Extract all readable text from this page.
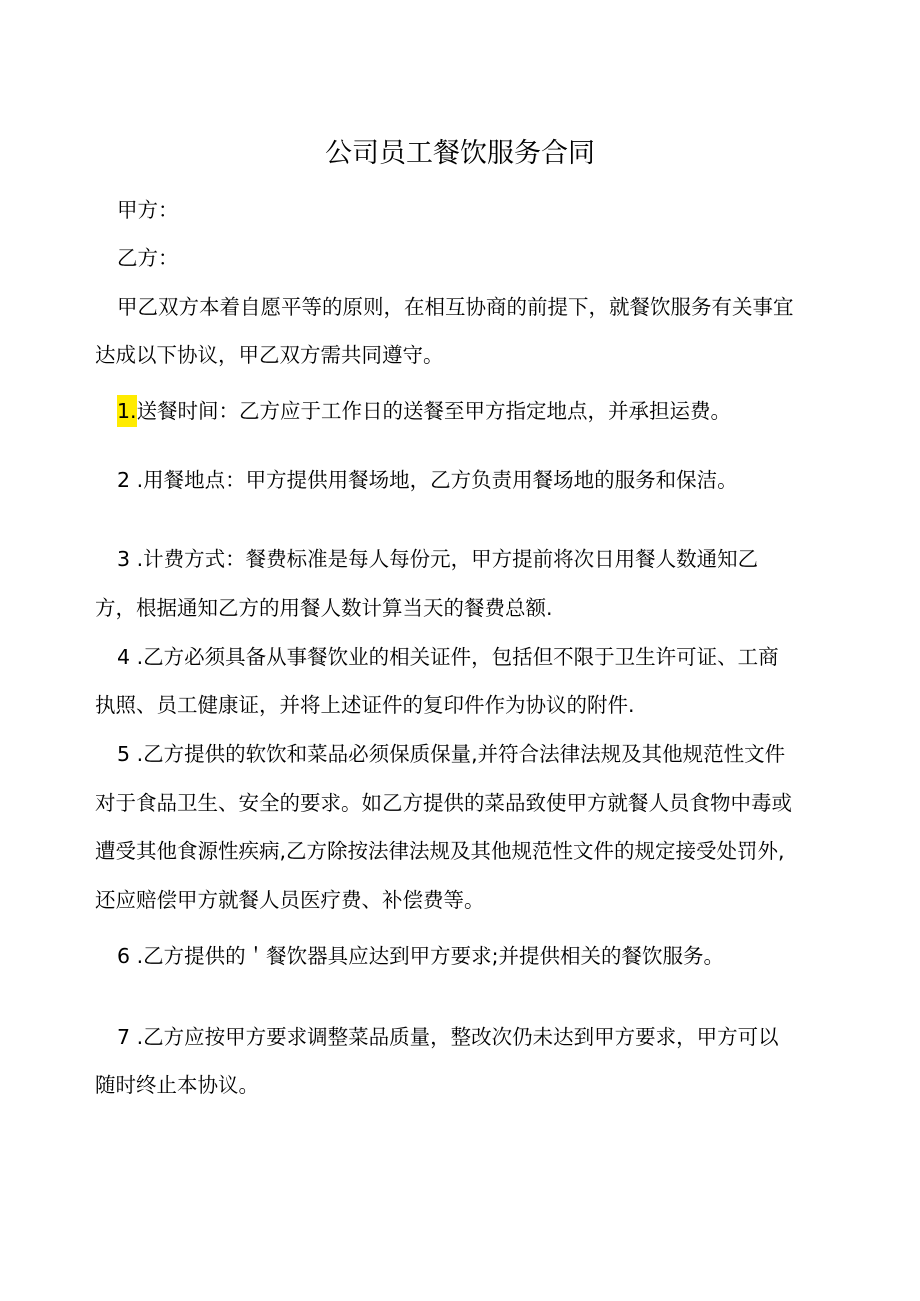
公司员工餐饮服务合同
甲方：
乙方：
甲乙双方本着自愿平等的原则，在相互协商的前提下，就餐饮服务有关事宜
达成以下协议，甲乙双方需共同遵守。
1.送餐时间：乙方应于工作日的送餐至甲方指定地点，并承担运费。
2 .用餐地点：甲方提供用餐场地，乙方负责用餐场地的服务和保洁。
3 .计费方式：餐费标准是每人每份元，甲方提前将次日用餐人数通知乙
方，根据通知乙方的用餐人数计算当天的餐费总额.
4 .乙方必须具备从事餐饮业的相关证件，包括但不限于卫生许可证、工商
执照、员工健康证，并将上述证件的复印件作为协议的附件.
5 .乙方提供的软饮和菜品必须保质保量,并符合法律法规及其他规范性文件
对于食品卫生、安全的要求。如乙方提供的菜品致使甲方就餐人员食物中毒或
遭受其他食源性疾病,乙方除按法律法规及其他规范性文件的规定接受处罚外,
还应赔偿甲方就餐人员医疗费、补偿费等。
6 .乙方提供的＇餐饮器具应达到甲方要求;并提供相关的餐饮服务。
7 .乙方应按甲方要求调整菜品质量，整改次仍未达到甲方要求，甲方可以
随时终止本协议。
